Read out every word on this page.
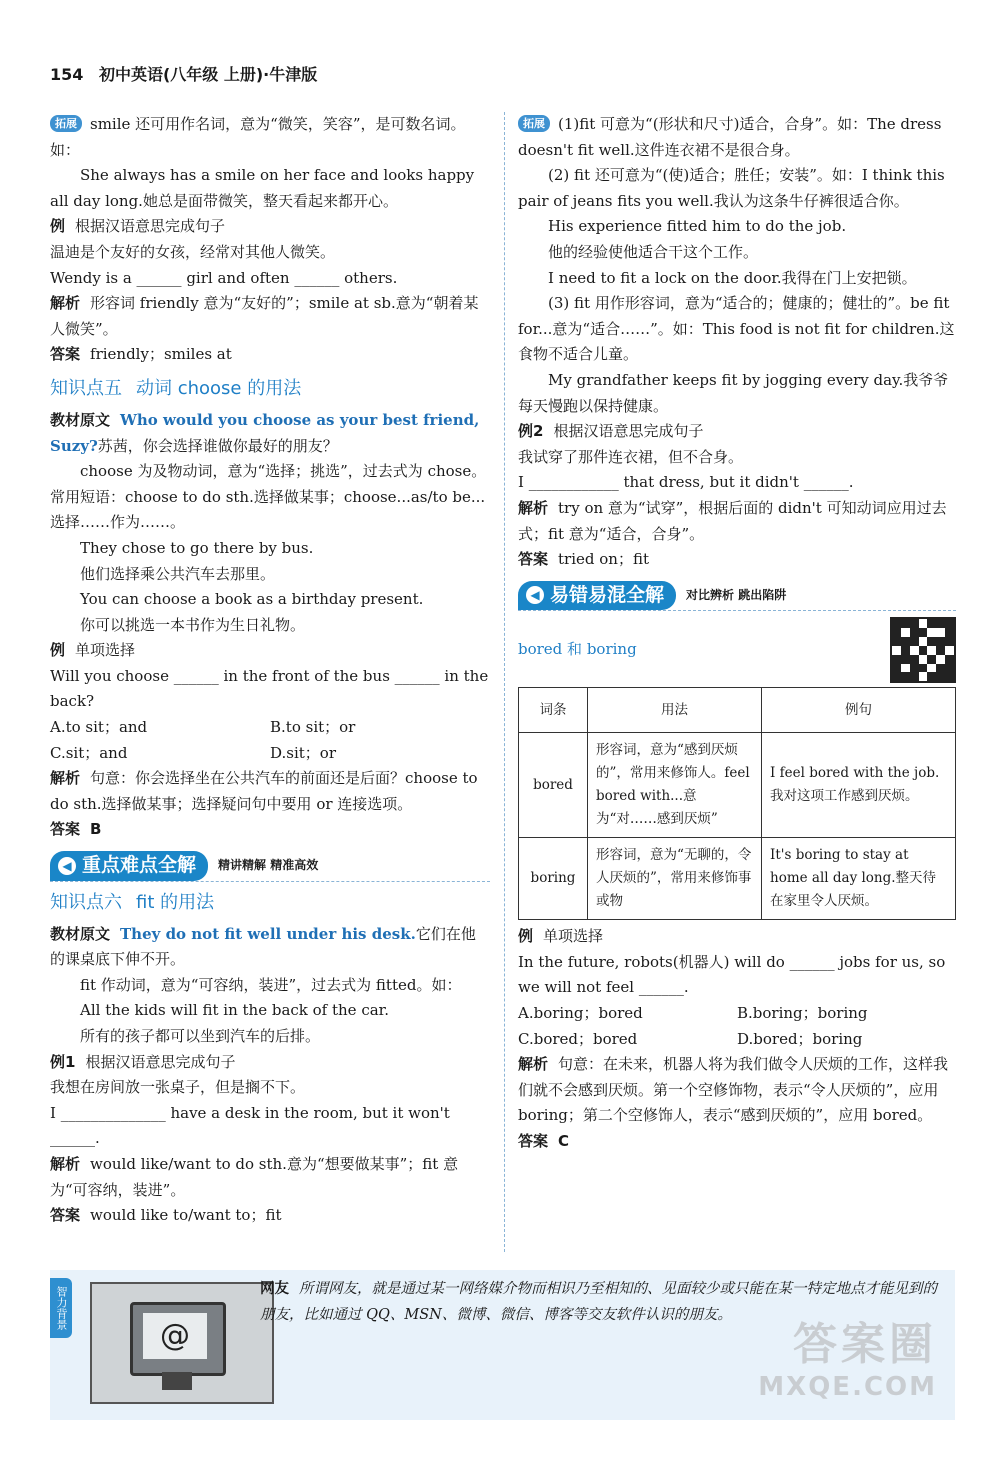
154 初中英语(八年级 上册)·牛津版

拓展 smile 还可用作名词，意为“微笑，笑容”，是可数名词。如：

She always has a smile on her face and looks happy all day long.她总是面带微笑，整天看起来都开心。

例 根据汉语意思完成句子

温迪是个友好的女孩，经常对其他人微笑。

Wendy is a ______ girl and often ______ others.

解析 形容词 friendly 意为“友好的”；smile at sb.意为“朝着某人微笑”。

答案 friendly；smiles at

知识点五 动词 choose 的用法

教材原文 Who would you choose as your best friend, Suzy?苏茜，你会选择谁做你最好的朋友？

choose 为及物动词，意为“选择；挑选”，过去式为 chose。常用短语：choose to do sth.选择做某事；choose...as/to be...选择……作为……。

They chose to go there by bus.

他们选择乘公共汽车去那里。

You can choose a book as a birthday present.

你可以挑选一本书作为生日礼物。

例 单项选择

Will you choose ______ in the front of the bus ______ in the back?

A.to sit；and	B.to sit；or
C.sit；and	D.sit；or

解析 句意：你会选择坐在公共汽车的前面还是后面？choose to do sth.选择做某事；选择疑问句中要用 or 连接选项。

答案 B

◀ 重点难点全解 精讲精解 精准高效
知识点六 fit 的用法

教材原文 They do not fit well under his desk.它们在他的课桌底下伸不开。

fit 作动词，意为“可容纳，装进”，过去式为 fitted。如：

All the kids will fit in the back of the car.

所有的孩子都可以坐到汽车的后排。

例1 根据汉语意思完成句子

我想在房间放一张桌子，但是搁不下。

I ______________ have a desk in the room, but it won't ______.

解析 would like/want to do sth.意为“想要做某事”；fit 意为“可容纳，装进”。

答案 would like to/want to；fit

拓展 (1)fit 可意为“(形状和尺寸)适合，合身”。如：The dress doesn't fit well.这件连衣裙不是很合身。

(2) fit 还可意为“(使)适合；胜任；安装”。如：I think this pair of jeans fits you well.我认为这条牛仔裤很适合你。

His experience fitted him to do the job.

他的经验使他适合干这个工作。

I need to fit a lock on the door.我得在门上安把锁。

(3) fit 用作形容词，意为“适合的；健康的；健壮的”。be fit for...意为“适合……”。如：This food is not fit for children.这食物不适合儿童。

My grandfather keeps fit by jogging every day.我爷爷每天慢跑以保持健康。

例2 根据汉语意思完成句子

我试穿了那件连衣裙，但不合身。

I ____________ that dress, but it didn't ______.

解析 try on 意为“试穿”，根据后面的 didn't 可知动词应用过去式；fit 意为“适合，合身”。

答案 tried on；fit

◀ 易错易混全解 对比辨析 跳出陷阱
bored 和 boring
词条	用法	例句
bored	形容词，意为“感到厌烦的”，常用来修饰人。feel bored with...意为“对……感到厌烦”	I feel bored with the job.我对这项工作感到厌烦。
boring	形容词，意为“无聊的，令人厌烦的”，常用来修饰事或物	It's boring to stay at home all day long.整天待在家里令人厌烦。

例 单项选择

In the future, robots(机器人) will do ______ jobs for us, so we will not feel ______.

A.boring；bored	B.boring；boring
C.bored；bored	D.bored；boring

解析 句意：在未来，机器人将为我们做令人厌烦的工作，这样我们就不会感到厌烦。第一个空修饰物，表示“令人厌烦的”，应用 boring；第二个空修饰人，表示“感到厌烦的”，应用 bored。

答案 C

智力背景
@
网友 所谓网友，就是通过某一网络媒介物而相识乃至相知的、见面较少或只能在某一特定地点才能见到的朋友，比如通过 QQ、MSN、微博、微信、博客等交友软件认识的朋友。
答案圈
MXQE.COM
